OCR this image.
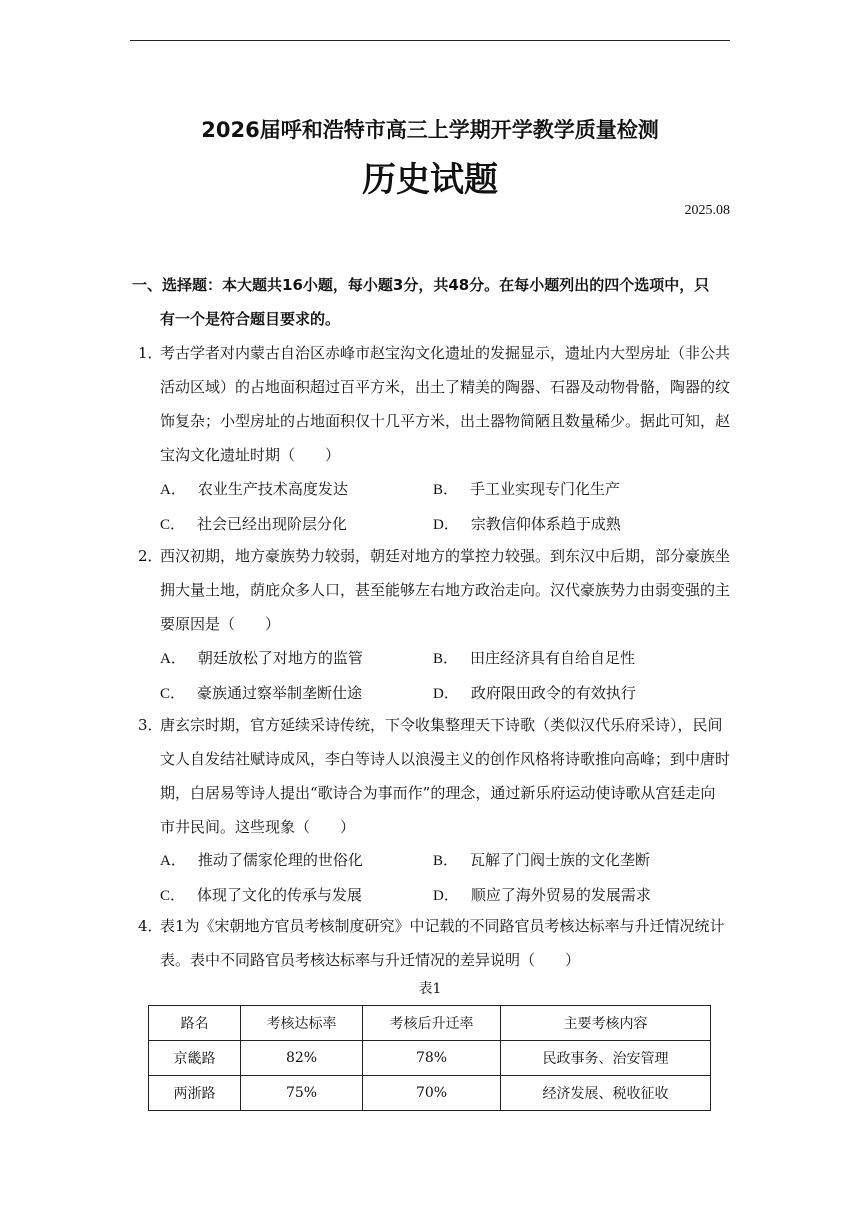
2026届呼和浩特市高三上学期开学教学质量检测
历史试题
2025.08
一、选择题：本大题共16小题，每小题3分，共48分。在每小题列出的四个选项中，只
有一个是符合题目要求的。
1．考古学者对内蒙古自治区赤峰市赵宝沟文化遗址的发掘显示，遗址内大型房址（非公共
活动区域）的占地面积超过百平方米，出土了精美的陶器、石器及动物骨骼，陶器的纹
饰复杂；小型房址的占地面积仅十几平方米，出土器物简陋且数量稀少。据此可知，赵
宝沟文化遗址时期（　　）
A． 农业生产技术高度发达	B． 手工业实现专门化生产
C． 社会已经出现阶层分化	D． 宗教信仰体系趋于成熟
2．西汉初期，地方豪族势力较弱，朝廷对地方的掌控力较强。到东汉中后期，部分豪族坐
拥大量土地，荫庇众多人口，甚至能够左右地方政治走向。汉代豪族势力由弱变强的主
要原因是（　　）
A． 朝廷放松了对地方的监管	B． 田庄经济具有自给自足性
C． 豪族通过察举制垄断仕途	D． 政府限田政令的有效执行
3．唐玄宗时期，官方延续采诗传统，下令收集整理天下诗歌（类似汉代乐府采诗），民间
文人自发结社赋诗成风，李白等诗人以浪漫主义的创作风格将诗歌推向高峰；到中唐时
期，白居易等诗人提出“歌诗合为事而作”的理念，通过新乐府运动使诗歌从宫廷走向
市井民间。这些现象（　　）
A． 推动了儒家伦理的世俗化	B． 瓦解了门阀士族的文化垄断
C． 体现了文化的传承与发展	D． 顺应了海外贸易的发展需求
4．表1为《宋朝地方官员考核制度研究》中记载的不同路官员考核达标率与升迁情况统计
表。表中不同路官员考核达标率与升迁情况的差异说明（　　）
表1
路名	考核达标率	考核后升迁率	主要考核内容
京畿路	82%	78%	民政事务、治安管理
两浙路	75%	70%	经济发展、税收征收
